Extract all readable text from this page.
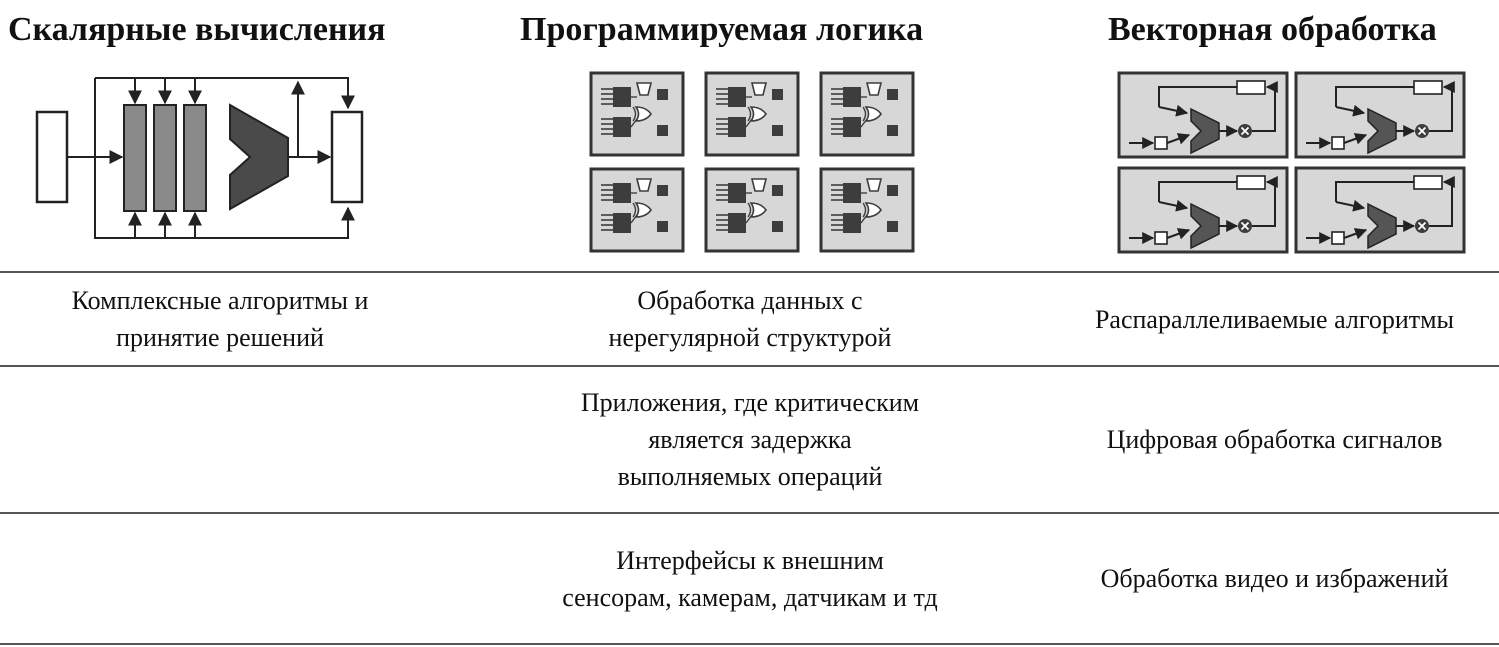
Скалярные вычисления	Программируемая логика	Векторная обработка
Комплексные алгоритмы и
принятие решений
Обработка данных с
нерегулярной структурой
Распараллеливаемые алгоритмы
Приложения, где критическим
является задержка
выполняемых операций
Цифровая обработка сигналов
Интерфейсы к внешним
сенсорам, камерам, датчикам и тд
Обработка видео и избражений
